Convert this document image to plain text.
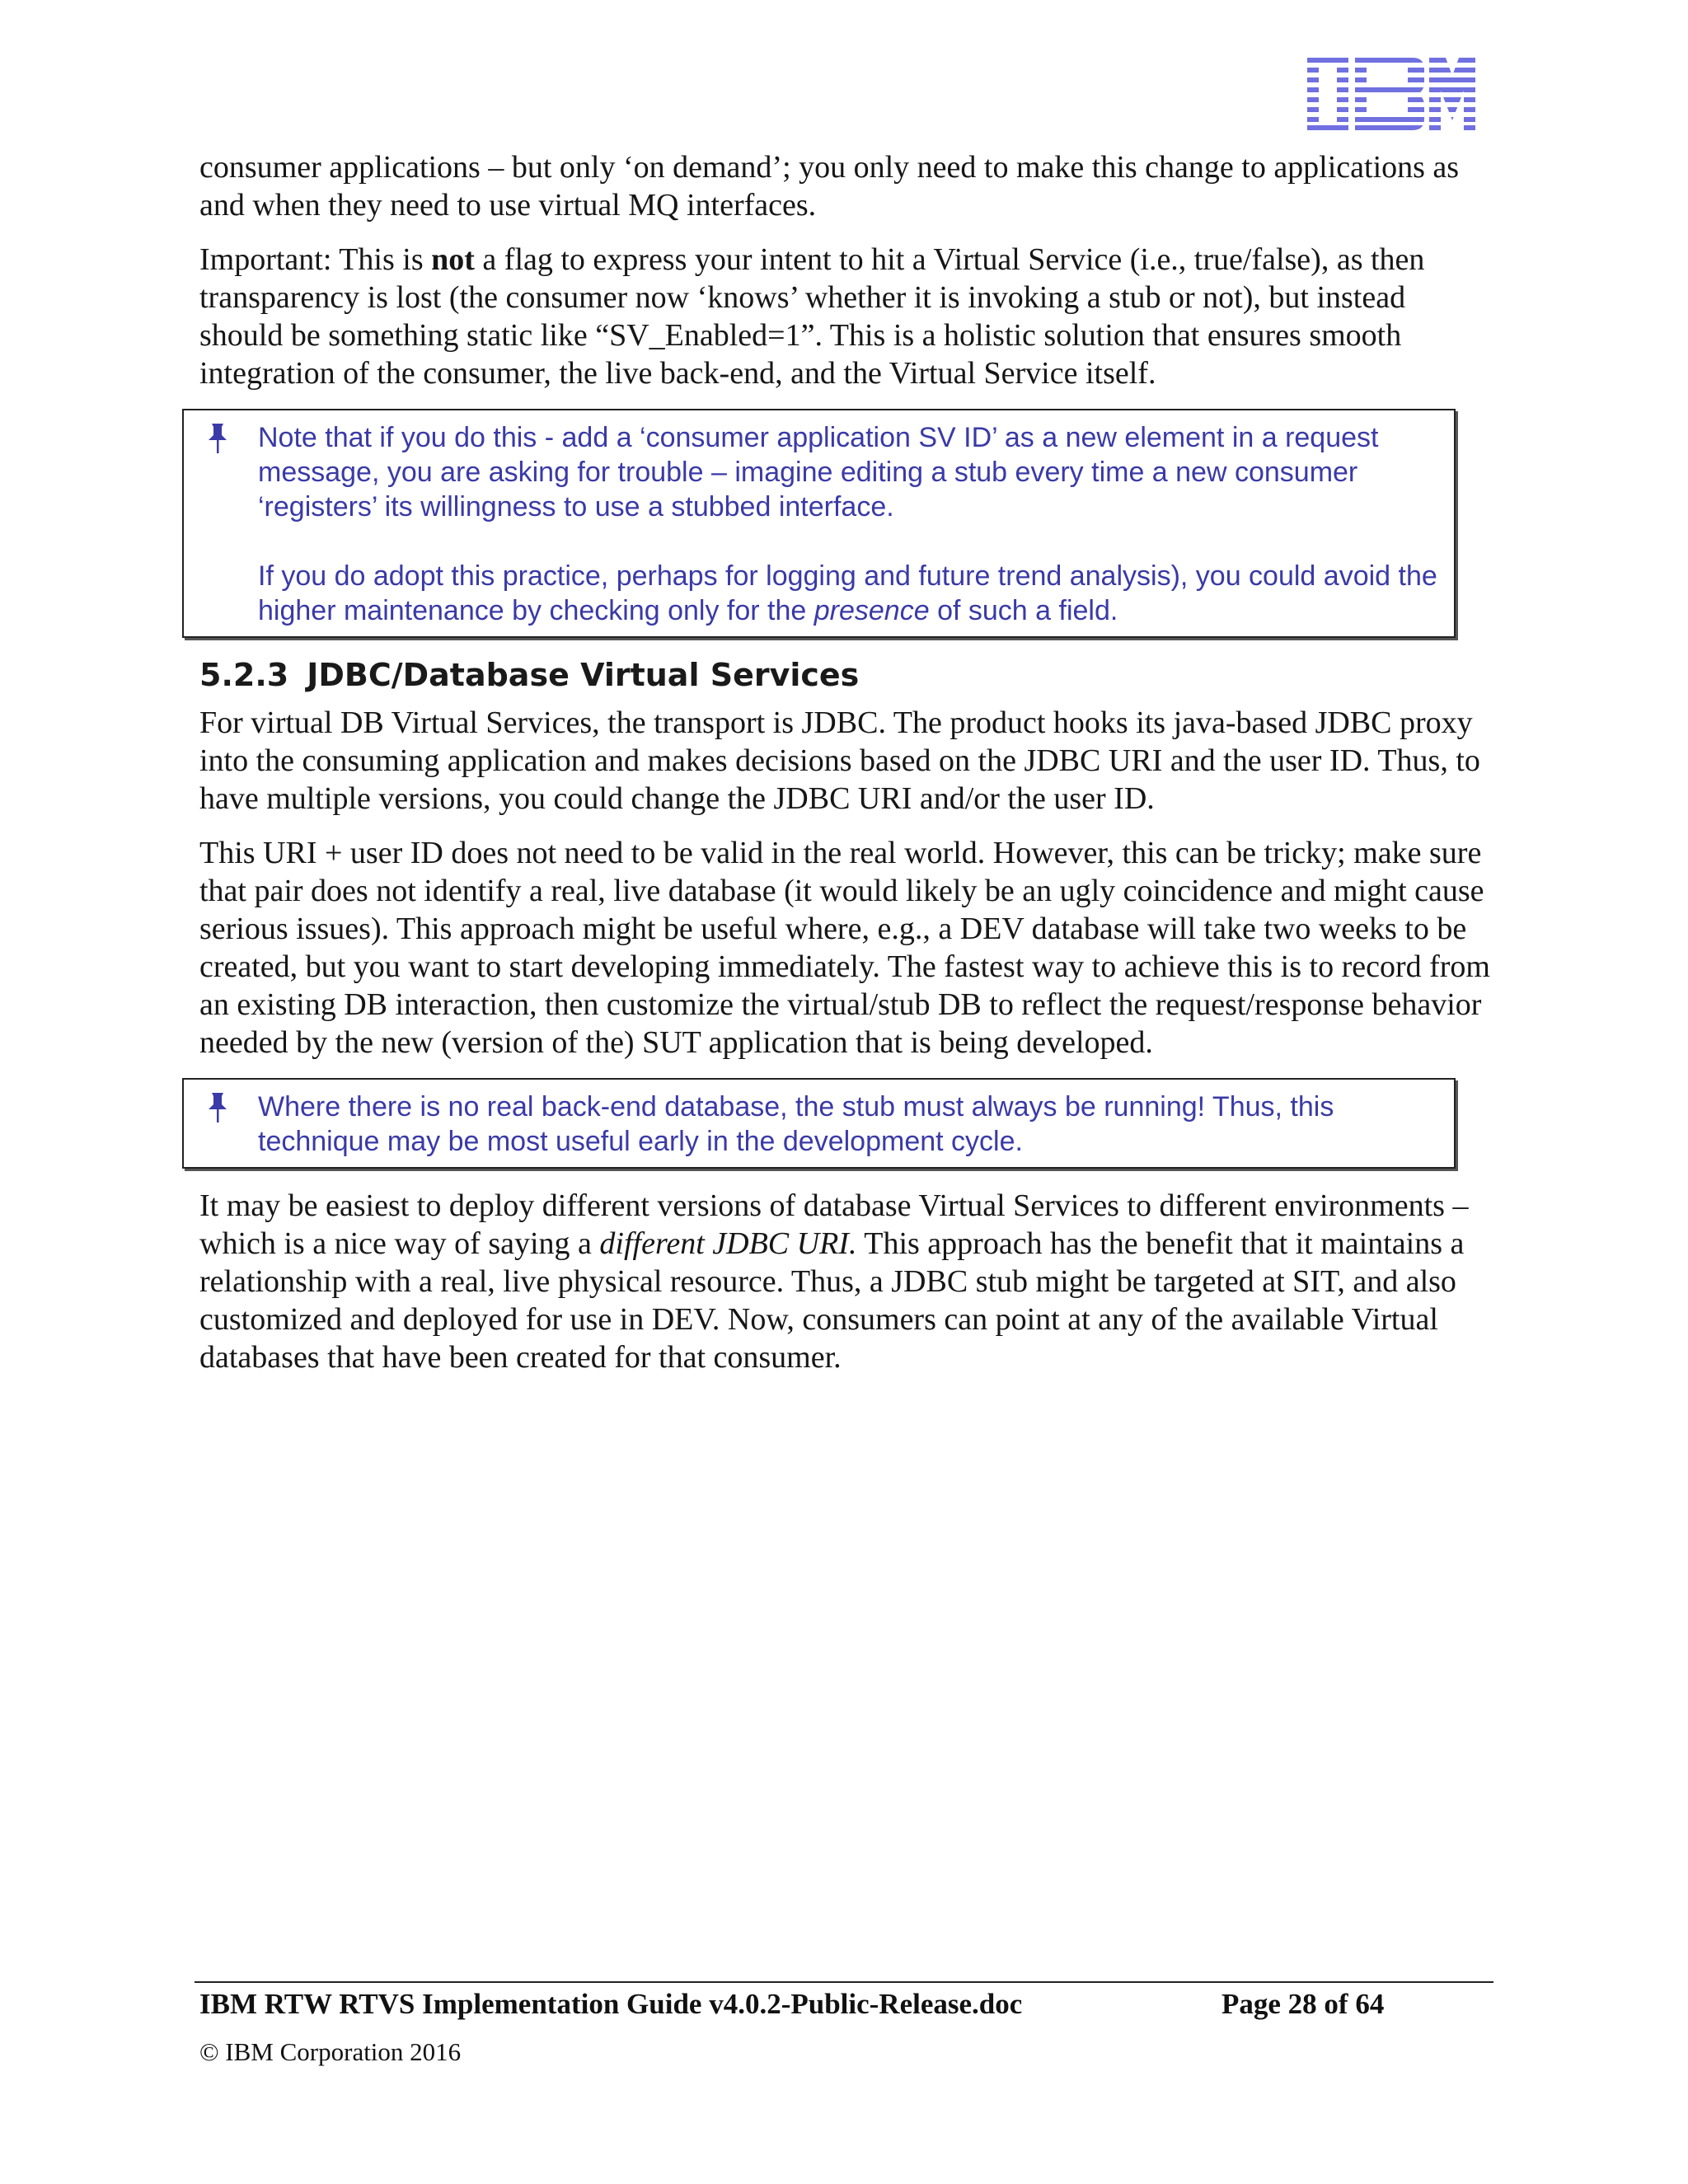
consumer applications – but only ‘on demand’; you only need to make this change to applications as and when they need to use virtual MQ interfaces.

Important: This is not a flag to express your intent to hit a Virtual Service (i.e., true/false), as then transparency is lost (the consumer now ‘knows’ whether it is invoking a stub or not), but instead should be something static like “SV_Enabled=1”. This is a holistic solution that ensures smooth integration of the consumer, the live back-end, and the Virtual Service itself.

Note that if you do this - add a ‘consumer application SV ID’ as a new element in a request message, you are asking for trouble – imagine editing a stub every time a new consumer ‘registers’ its willingness to use a stubbed interface.

If you do adopt this practice, perhaps for logging and future trend analysis), you could avoid the higher maintenance by checking only for the presence of such a field.

5.2.3 JDBC/Database Virtual Services

For virtual DB Virtual Services, the transport is JDBC. The product hooks its java-based JDBC proxy into the consuming application and makes decisions based on the JDBC URI and the user ID. Thus, to have multiple versions, you could change the JDBC URI and/or the user ID.

This URI + user ID does not need to be valid in the real world. However, this can be tricky; make sure that pair does not identify a real, live database (it would likely be an ugly coincidence and might cause serious issues). This approach might be useful where, e.g., a DEV database will take two weeks to be created, but you want to start developing immediately. The fastest way to achieve this is to record from an existing DB interaction, then customize the virtual/stub DB to reflect the request/response behavior needed by the new (version of the) SUT application that is being developed.

Where there is no real back-end database, the stub must always be running! Thus, this technique may be most useful early in the development cycle.

It may be easiest to deploy different versions of database Virtual Services to different environments – which is a nice way of saying a different JDBC URI. This approach has the benefit that it maintains a relationship with a real, live physical resource. Thus, a JDBC stub might be targeted at SIT, and also customized and deployed for use in DEV. Now, consumers can point at any of the available Virtual databases that have been created for that consumer.

IBM RTW RTVS Implementation Guide v4.0.2-Public-Release.doc	Page 28 of 64
© IBM Corporation 2016
